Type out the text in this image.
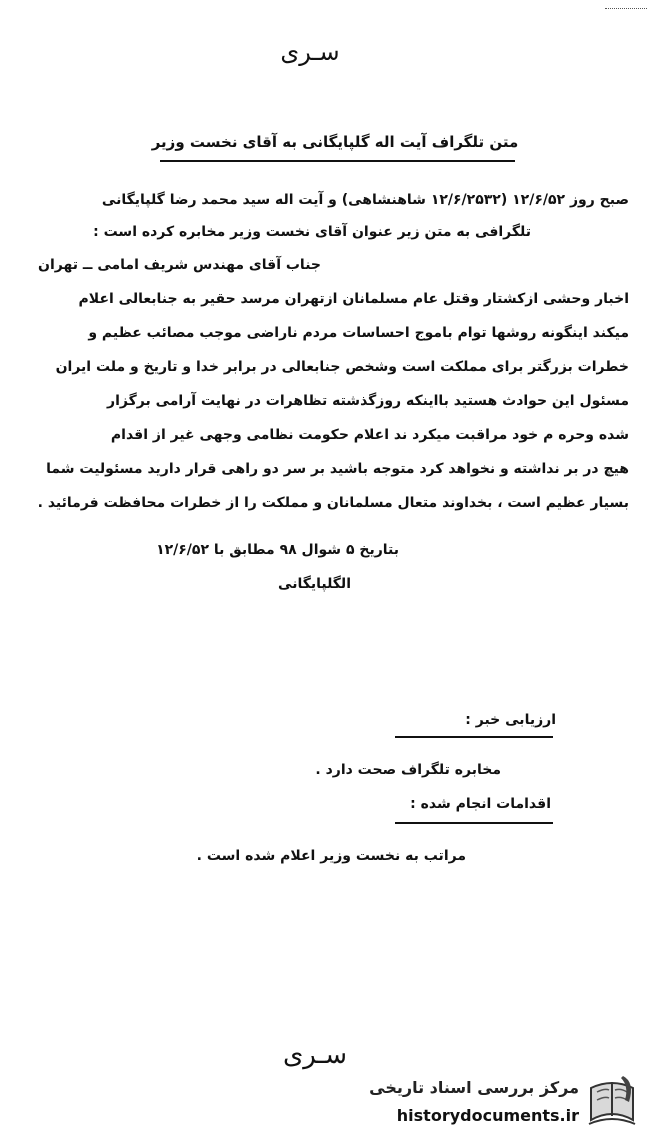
سـری
متن تلگراف آیت اله گلپایگانی به آقای نخست وزیر
صبح روز ۱۲/۶/۵۲ (۱۲/۶/۲۵۳۲ شاهنشاهی) و آیت اله سید محمد رضا گلپایگانی
تلگرافی به متن زیر عنوان آقای نخست وزیر مخابره کرده است :
جناب آقای مهندس شریف امامی ــ تهران
اخبار وحشی ازکشتار وقتل عام مسلمانان ازتهران مرسد حقیر به جنابعالی اعلام
میکند اینگونه روشها توام باموج احساسات مردم ناراضی موجب مصائب عظیم و
خطرات بزرگتر برای مملکت است وشخص جنابعالی در برابر خدا و تاریخ و ملت ایران
مسئول این حوادث هستید بااینکه روزگذشته تظاهرات در نهایت آرامی برگزار
شده وحره م خود مراقبت میکرد ند اعلام حکومت نظامی وجهی غیر از اقدام
هیچ در بر نداشته و نخواهد کرد متوجه باشید بر سر دو راهی قرار دارید مسئولیت شما
بسیار عظیم است ، بخداوند متعال مسلمانان و مملکت را از خطرات محافظت فرمائید .
بتاریخ ۵ شوال ۹۸ مطابق با ۱۲/۶/۵۲
الگلپایگانی
ارزیابی خبر :
مخابره تلگراف صحت دارد .
اقدامات انجام شده :
مراتب به نخست وزیر اعلام شده است .
سـری
مرکز بررسی اسناد تاریخی
historydocuments.ir
